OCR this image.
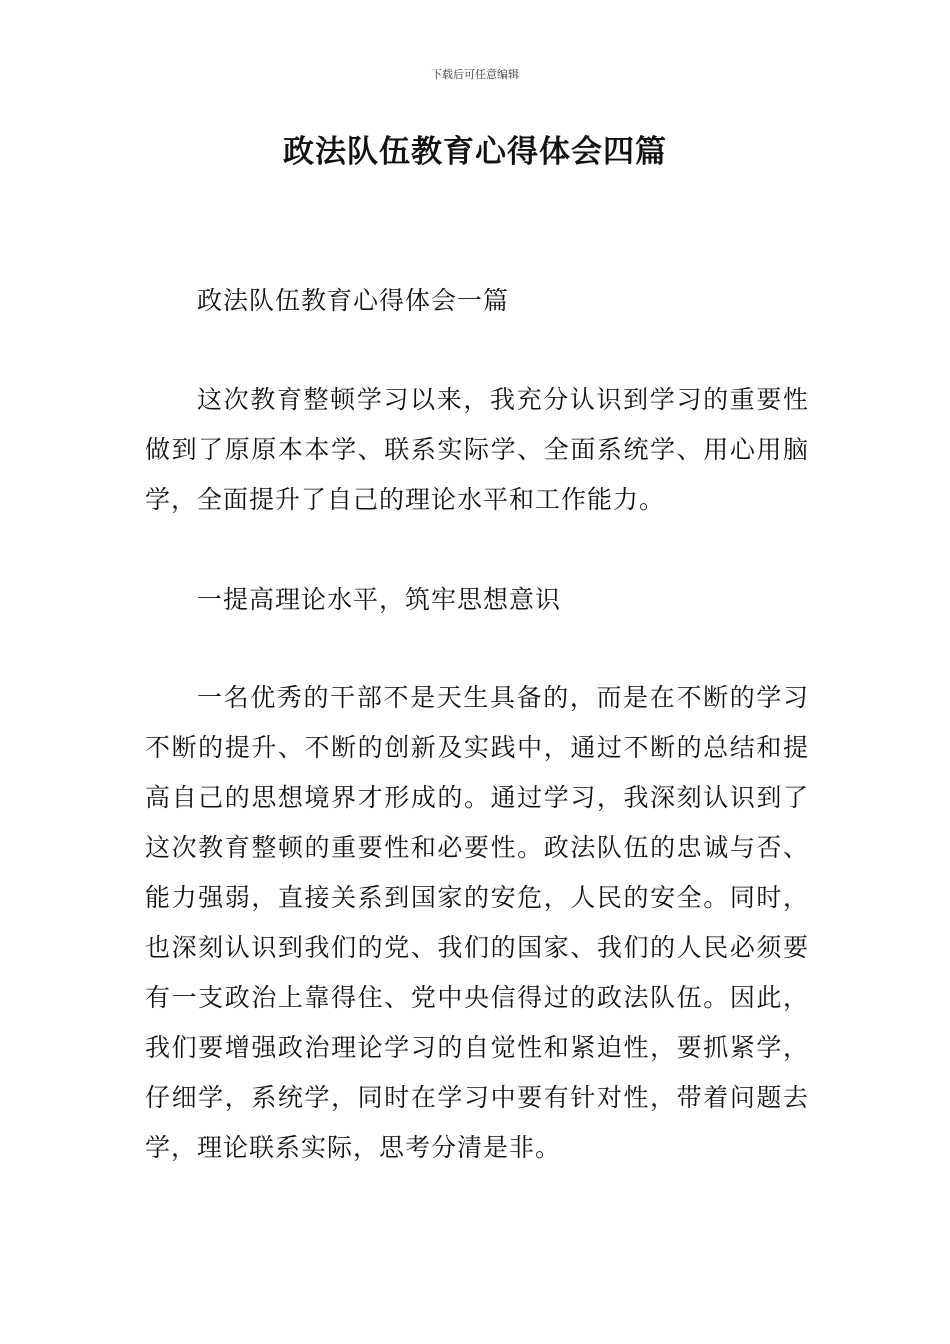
下载后可任意编辑
政法队伍教育心得体会四篇
政法队伍教育心得体会一篇
这次教育整顿学习以来，我充分认识到学习的重要性做到了原原本本学、联系实际学、全面系统学、用心用脑学，全面提升了自己的理论水平和工作能力。
一提高理论水平，筑牢思想意识
一名优秀的干部不是天生具备的，而是在不断的学习不断的提升、不断的创新及实践中，通过不断的总结和提高自己的思想境界才形成的。通过学习，我深刻认识到了这次教育整顿的重要性和必要性。政法队伍的忠诚与否、能力强弱，直接关系到国家的安危，人民的安全。同时，也深刻认识到我们的党、我们的国家、我们的人民必须要有一支政治上靠得住、党中央信得过的政法队伍。因此，我们要增强政治理论学习的自觉性和紧迫性，要抓紧学，仔细学，系统学，同时在学习中要有针对性，带着问题去学，理论联系实际，思考分清是非。
